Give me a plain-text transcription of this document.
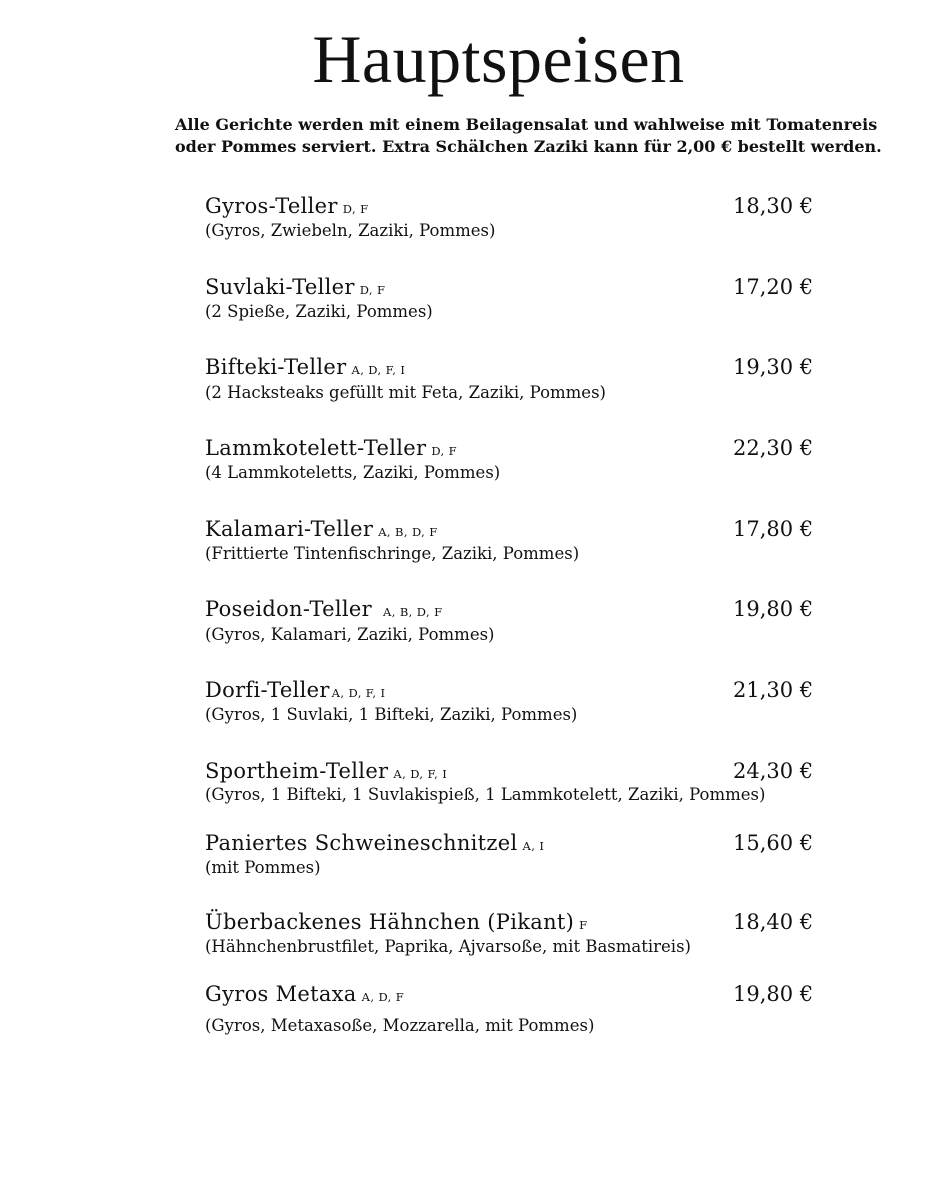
Hauptspeisen

Alle Gerichte werden mit einem Beilagensalat und wahlweise mit Tomatenreis
oder Pommes serviert. Extra Schälchen Zaziki kann für 2,00 € bestellt werden.

Gyros-Teller D, F	18,30 €
(Gyros, Zwiebeln, Zaziki, Pommes)
Suvlaki-Teller D, F	17,20 €
(2 Spieße, Zaziki, Pommes)
Bifteki-Teller A, D, F, I	19,30 €
(2 Hacksteaks gefüllt mit Feta, Zaziki, Pommes)
Lammkotelett-Teller D, F	22,30 €
(4 Lammkoteletts, Zaziki, Pommes)
Kalamari-Teller A, B, D, F	17,80 €
(Frittierte Tintenfischringe, Zaziki, Pommes)
Poseidon-Teller A, B, D, F	19,80 €
(Gyros, Kalamari, Zaziki, Pommes)
Dorfi-Teller A, D, F, I	21,30 €
(Gyros, 1 Suvlaki, 1 Bifteki, Zaziki, Pommes)
Sportheim-Teller A, D, F, I	24,30 €
(Gyros, 1 Bifteki, 1 Suvlakispieß, 1 Lammkotelett, Zaziki, Pommes)
Paniertes Schweineschnitzel A, I	15,60 €
(mit Pommes)
Überbackenes Hähnchen (Pikant) F	18,40 €
(Hähnchenbrustfilet, Paprika, Ajvarsoße, mit Basmatireis)
Gyros Metaxa A, D, F	19,80 €
(Gyros, Metaxasoße, Mozzarella, mit Pommes)
